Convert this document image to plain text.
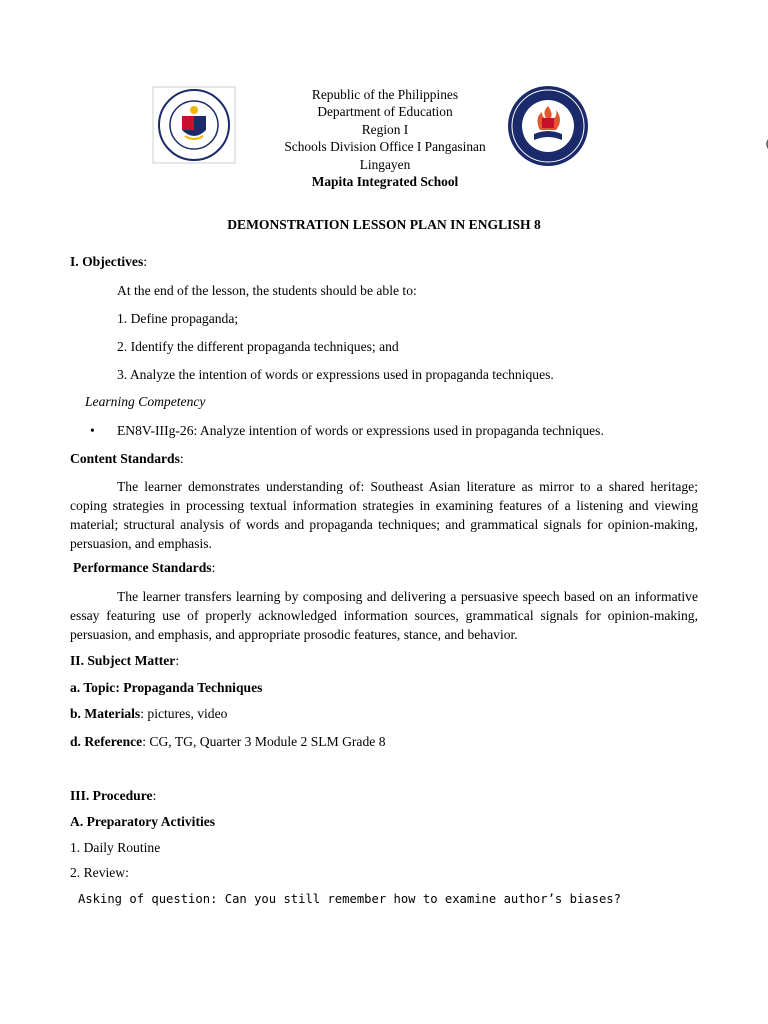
Republic of the Philippines
Department of Education
Region I
Schools Division Office I Pangasinan
Lingayen
Mapita Integrated School
DEMONSTRATION LESSON PLAN IN ENGLISH 8
I. Objectives:
At the end of the lesson, the students should be able to:
1. Define propaganda;
2. Identify the different propaganda techniques; and
3. Analyze the intention of words or expressions used in propaganda techniques.
Learning Competency
• EN8V-IIIg-26: Analyze intention of words or expressions used in propaganda techniques.
Content Standards:
The learner demonstrates understanding of: Southeast Asian literature as mirror to a shared heritage; coping strategies in processing textual information strategies in examining features of a listening and viewing material; structural analysis of words and propaganda techniques; and grammatical signals for opinion-making, persuasion, and emphasis.
Performance Standards:
The learner transfers learning by composing and delivering a persuasive speech based on an informative essay featuring use of properly acknowledged information sources, grammatical signals for opinion-making, persuasion, and emphasis, and appropriate prosodic features, stance, and behavior.
II. Subject Matter:
a. Topic: Propaganda Techniques
b. Materials: pictures, video
d. Reference: CG, TG, Quarter 3 Module 2 SLM Grade 8
III. Procedure:
A. Preparatory Activities
1. Daily Routine
2. Review:
Asking of question: Can you still remember how to examine author’s biases?
